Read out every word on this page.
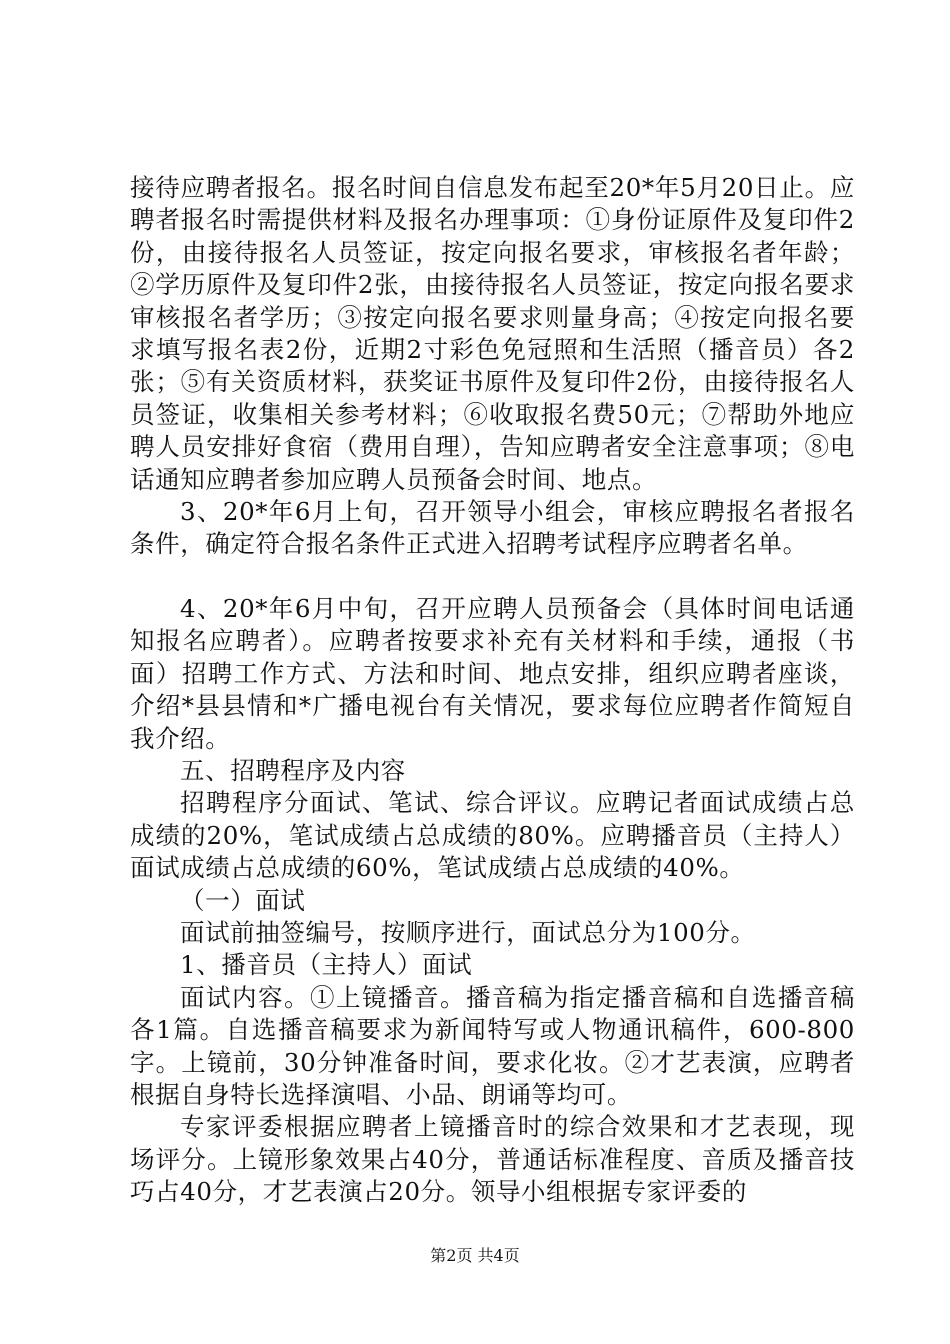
接待应聘者报名。报名时间自信息发布起至20*年5月20日止。应聘者报名时需提供材料及报名办理事项：①身份证原件及复印件2份，由接待报名人员签证，按定向报名要求，审核报名者年龄；②学历原件及复印件2张，由接待报名人员签证，按定向报名要求审核报名者学历；③按定向报名要求则量身高；④按定向报名要求填写报名表2份，近期2寸彩色免冠照和生活照（播音员）各2张；⑤有关资质材料，获奖证书原件及复印件2份，由接待报名人员签证，收集相关参考材料；⑥收取报名费50元；⑦帮助外地应聘人员安排好食宿（费用自理），告知应聘者安全注意事项；⑧电话通知应聘者参加应聘人员预备会时间、地点。

3、20*年6月上旬，召开领导小组会，审核应聘报名者报名条件，确定符合报名条件正式进入招聘考试程序应聘者名单。

4、20*年6月中旬，召开应聘人员预备会（具体时间电话通知报名应聘者）。应聘者按要求补充有关材料和手续，通报（书面）招聘工作方式、方法和时间、地点安排，组织应聘者座谈，介绍*县县情和*广播电视台有关情况，要求每位应聘者作简短自我介绍。

五、招聘程序及内容

招聘程序分面试、笔试、综合评议。应聘记者面试成绩占总成绩的20%，笔试成绩占总成绩的80%。应聘播音员（主持人）面试成绩占总成绩的60%，笔试成绩占总成绩的40%。

（一）面试

面试前抽签编号，按顺序进行，面试总分为100分。

1、播音员（主持人）面试

面试内容。①上镜播音。播音稿为指定播音稿和自选播音稿各1篇。自选播音稿要求为新闻特写或人物通讯稿件，600-800字。上镜前，30分钟准备时间，要求化妆。②才艺表演，应聘者根据自身特长选择演唱、小品、朗诵等均可。

专家评委根据应聘者上镜播音时的综合效果和才艺表现，现场评分。上镜形象效果占40分，普通话标准程度、音质及播音技巧占40分，才艺表演占20分。领导小组根据专家评委的

第2页 共4页
